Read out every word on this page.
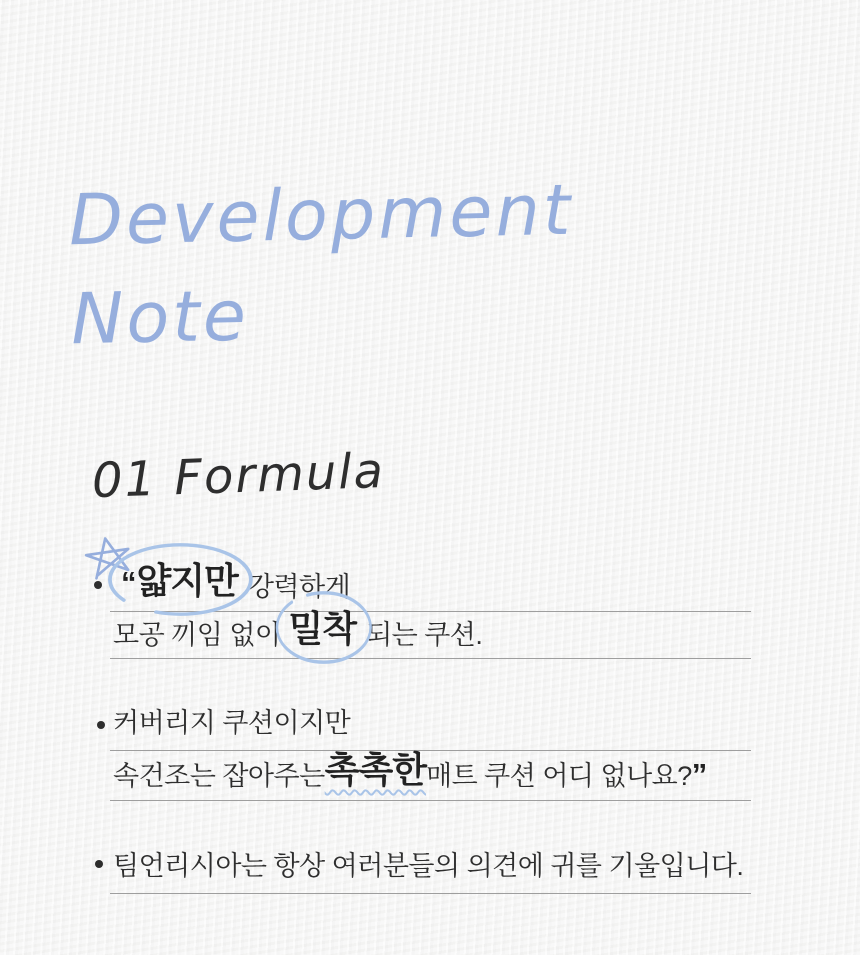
Development
Note
01 Formula
“얇지만 강력하게
모공 끼임 없이 밀착 되는 쿠션.
커버리지 쿠션이지만
속건조는 잡아주는 촉촉한 매트 쿠션 어디 없나요? ”
팀언리시아는 항상 여러분들의 의견에 귀를 기울입니다.
